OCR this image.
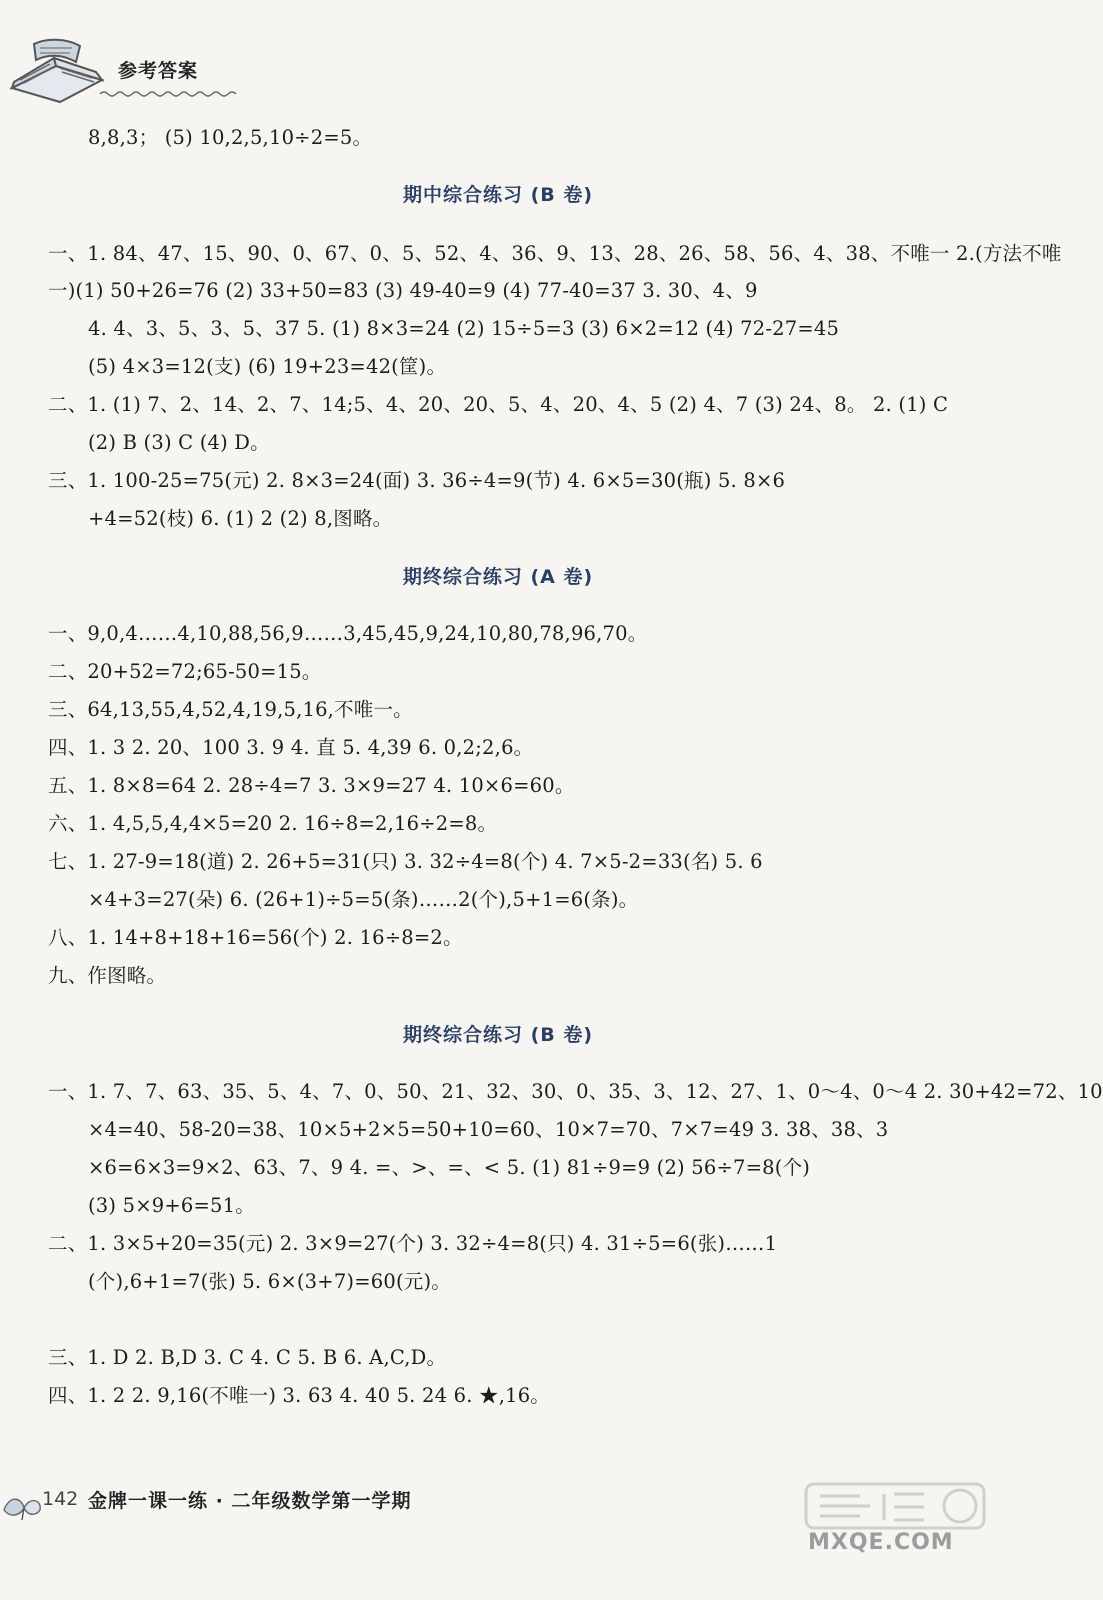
参考答案
8,8,3； (5) 10,2,5,10÷2=5。
期中综合练习 (B 卷)
一、1. 84、47、15、90、0、67、0、5、52、4、36、9、13、28、26、58、56、4、38、不唯一 2.(方法不唯
一)(1) 50+26=76 (2) 33+50=83 (3) 49-40=9 (4) 77-40=37 3. 30、4、9
4. 4、3、5、3、5、37 5. (1) 8×3=24 (2) 15÷5=3 (3) 6×2=12 (4) 72-27=45
(5) 4×3=12(支) (6) 19+23=42(筐)。
二、1. (1) 7、2、14、2、7、14;5、4、20、20、5、4、20、4、5 (2) 4、7 (3) 24、8。 2. (1) C
(2) B (3) C (4) D。
三、1. 100-25=75(元) 2. 8×3=24(面) 3. 36÷4=9(节) 4. 6×5=30(瓶) 5. 8×6
+4=52(枝) 6. (1) 2 (2) 8,图略。
期终综合练习 (A 卷)
一、9,0,4……4,10,88,56,9……3,45,45,9,24,10,80,78,96,70。
二、20+52=72;65-50=15。
三、64,13,55,4,52,4,19,5,16,不唯一。
四、1. 3 2. 20、100 3. 9 4. 直 5. 4,39 6. 0,2;2,6。
五、1. 8×8=64 2. 28÷4=7 3. 3×9=27 4. 10×6=60。
六、1. 4,5,5,4,4×5=20 2. 16÷8=2,16÷2=8。
七、1. 27-9=18(道) 2. 26+5=31(只) 3. 32÷4=8(个) 4. 7×5-2=33(名) 5. 6
×4+3=27(朵) 6. (26+1)÷5=5(条)……2(个),5+1=6(条)。
八、1. 14+8+18+16=56(个) 2. 16÷8=2。
九、作图略。
期终综合练习 (B 卷)
一、1. 7、7、63、35、5、4、7、0、50、21、32、30、0、35、3、12、27、1、0～4、0～4 2. 30+42=72、10
×4=40、58-20=38、10×5+2×5=50+10=60、10×7=70、7×7=49 3. 38、38、3
×6=6×3=9×2、63、7、9 4. =、>、=、< 5. (1) 81÷9=9 (2) 56÷7=8(个)
(3) 5×9+6=51。
二、1. 3×5+20=35(元) 2. 3×9=27(个) 3. 32÷4=8(只) 4. 31÷5=6(张)……1
(个),6+1=7(张) 5. 6×(3+7)=60(元)。
三、1. D 2. B,D 3. C 4. C 5. B 6. A,C,D。
四、1. 2 2. 9,16(不唯一) 3. 63 4. 40 5. 24 6. ★,16。
142 金牌一课一练 · 二年级数学第一学期
MXQE.COM
